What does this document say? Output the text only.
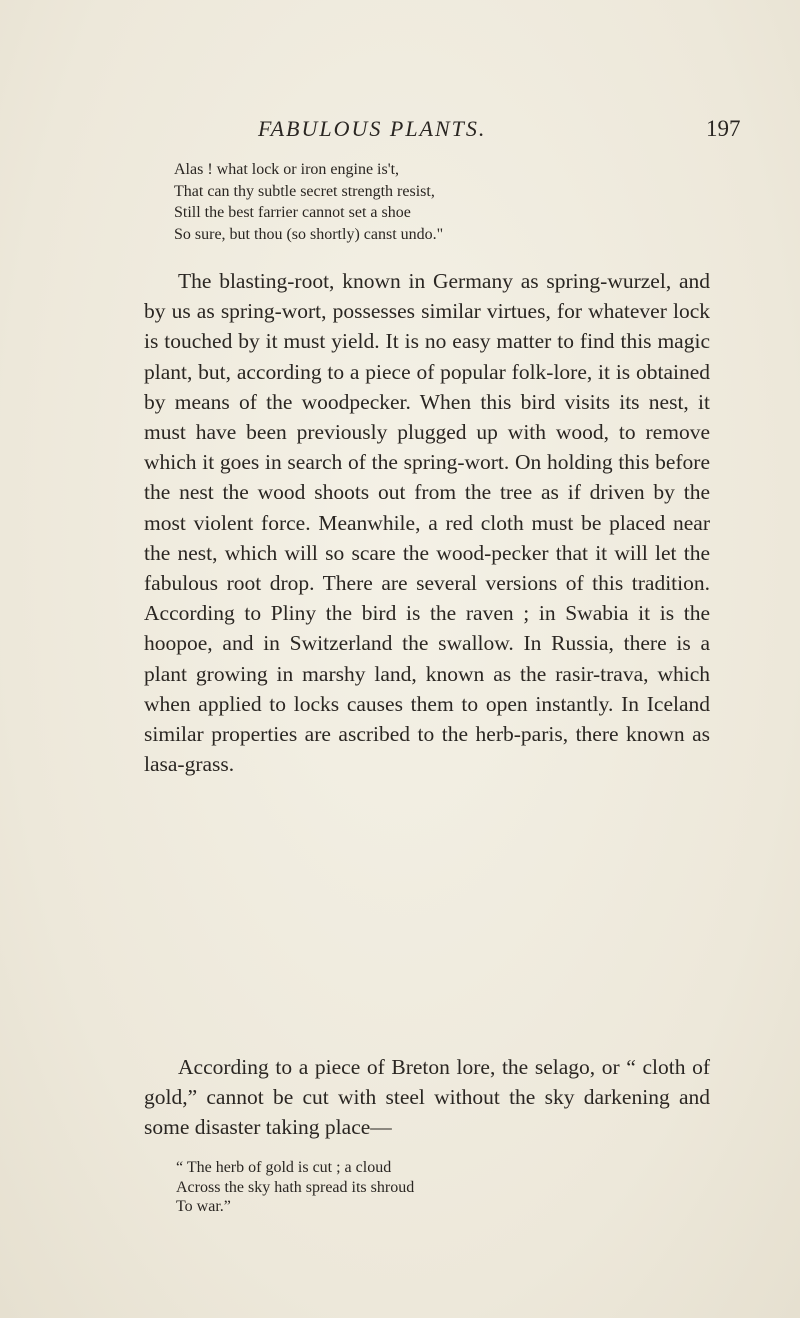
FABULOUS PLANTS.	197
Alas ! what lock or iron engine is't,
That can thy subtle secret strength resist,
Still the best farrier cannot set a shoe
So sure, but thou (so shortly) canst undo."

The blasting-root, known in Germany as spring-wurzel, and by us as spring-wort, possesses similar virtues, for whatever lock is touched by it must yield. It is no easy matter to find this magic plant, but, according to a piece of popular folk-lore, it is obtained by means of the woodpecker. When this bird visits its nest, it must have been previously plugged up with wood, to remove which it goes in search of the spring-wort. On holding this before the nest the wood shoots out from the tree as if driven by the most violent force. Meanwhile, a red cloth must be placed near the nest, which will so scare the wood-pecker that it will let the fabulous root drop. There are several versions of this tradition. According to Pliny the bird is the raven ; in Swabia it is the hoopoe, and in Switzerland the swallow. In Russia, there is a plant growing in marshy land, known as the rasir-trava, which when applied to locks causes them to open instantly. In Iceland similar properties are ascribed to the herb-paris, there known as lasa-grass.

According to a piece of Breton lore, the selago, or “ cloth of gold,” cannot be cut with steel without the sky darkening and some disaster taking place—

“ The herb of gold is cut ; a cloud
Across the sky hath spread its shroud
To war.”
